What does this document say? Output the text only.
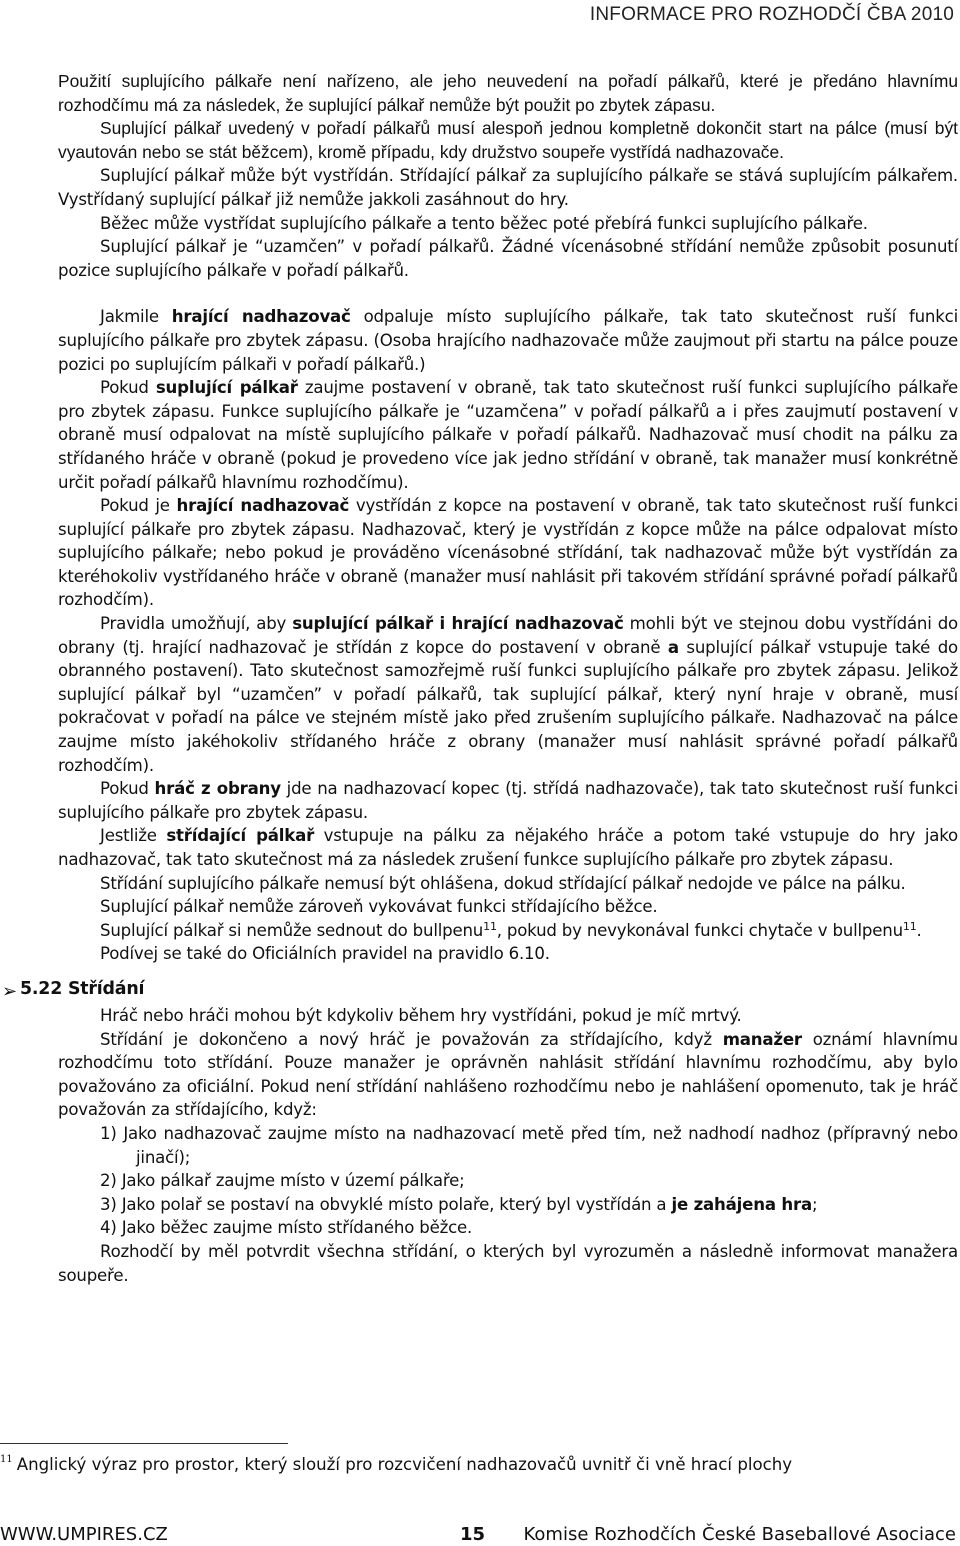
INFORMACE PRO ROZHODČÍ ČBA 2010

Použití suplujícího pálkaře není nařízeno, ale jeho neuvedení na pořadí pálkařů, které je předáno hlavnímu rozhodčímu má za následek, že suplující pálkař nemůže být použit po zbytek zápasu.

Suplující pálkař uvedený v pořadí pálkařů musí alespoň jednou kompletně dokončit start na pálce (musí být vyautován nebo se stát běžcem), kromě případu, kdy družstvo soupeře vystřídá nadhazovače.

Suplující pálkař může být vystřídán. Střídající pálkař za suplujícího pálkaře se stává suplujícím pálkařem. Vystřídaný suplující pálkař již nemůže jakkoli zasáhnout do hry.

Běžec může vystřídat suplujícího pálkaře a tento běžec poté přebírá funkci suplujícího pálkaře.

Suplující pálkař je “uzamčen” v pořadí pálkařů. Žádné vícenásobné střídání nemůže způsobit posunutí pozice suplujícího pálkaře v pořadí pálkařů.

Jakmile hrající nadhazovač odpaluje místo suplujícího pálkaře, tak tato skutečnost ruší funkci suplujícího pálkaře pro zbytek zápasu. (Osoba hrajícího nadhazovače může zaujmout při startu na pálce pouze pozici po suplujícím pálkaři v pořadí pálkařů.)

Pokud suplující pálkař zaujme postavení v obraně, tak tato skutečnost ruší funkci suplujícího pálkaře pro zbytek zápasu. Funkce suplujícího pálkaře je “uzamčena” v pořadí pálkařů a i přes zaujmutí postavení v obraně musí odpalovat na místě suplujícího pálkaře v pořadí pálkařů. Nadhazovač musí chodit na pálku za střídaného hráče v obraně (pokud je provedeno více jak jedno střídání v obraně, tak manažer musí konkrétně určit pořadí pálkařů hlavnímu rozhodčímu).

Pokud je hrající nadhazovač vystřídán z kopce na postavení v obraně, tak tato skutečnost ruší funkci suplující pálkaře pro zbytek zápasu. Nadhazovač, který je vystřídán z kopce může na pálce odpalovat místo suplujícího pálkaře; nebo pokud je prováděno vícenásobné střídání, tak nadhazovač může být vystřídán za kteréhokoliv vystřídaného hráče v obraně (manažer musí nahlásit při takovém střídání správné pořadí pálkařů rozhodčím).

Pravidla umožňují, aby suplující pálkař i hrající nadhazovač mohli být ve stejnou dobu vystřídáni do obrany (tj. hrající nadhazovač je střídán z kopce do postavení v obraně a suplující pálkař vstupuje také do obranného postavení). Tato skutečnost samozřejmě ruší funkci suplujícího pálkaře pro zbytek zápasu. Jelikož suplující pálkař byl “uzamčen” v pořadí pálkařů, tak suplující pálkař, který nyní hraje v obraně, musí pokračovat v pořadí na pálce ve stejném místě jako před zrušením suplujícího pálkaře. Nadhazovač na pálce zaujme místo jakéhokoliv střídaného hráče z obrany (manažer musí nahlásit správné pořadí pálkařů rozhodčím).

Pokud hráč z obrany jde na nadhazovací kopec (tj. střídá nadhazovače), tak tato skutečnost ruší funkci suplujícího pálkaře pro zbytek zápasu.

Jestliže střídající pálkař vstupuje na pálku za nějakého hráče a potom také vstupuje do hry jako nadhazovač, tak tato skutečnost má za následek zrušení funkce suplujícího pálkaře pro zbytek zápasu.

Střídání suplujícího pálkaře nemusí být ohlášena, dokud střídající pálkař nedojde ve pálce na pálku.

Suplující pálkař nemůže zároveň vykovávat funkci střídajícího běžce.

Suplující pálkař si nemůže sednout do bullpenu$^{11}$, pokud by nevykonával funkci chytače v bullpenu$^{11}$.

Podívej se také do Oficiálních pravidel na pravidlo 6.10.

➢ 5.22 Střídání

Hráč nebo hráči mohou být kdykoliv během hry vystřídáni, pokud je míč mrtvý.

Střídání je dokončeno a nový hráč je považován za střídajícího, když manažer oznámí hlavnímu rozhodčímu toto střídání. Pouze manažer je oprávněn nahlásit střídání hlavnímu rozhodčímu, aby bylo považováno za oficiální. Pokud není střídání nahlášeno rozhodčímu nebo je nahlášení opomenuto, tak je hráč považován za střídajícího, když:

1) Jako nadhazovač zaujme místo na nadhazovací metě před tím, než nadhodí nadhoz (přípravný nebo jinačí);

2) Jako pálkař zaujme místo v území pálkaře;

3) Jako polař se postaví na obvyklé místo polaře, který byl vystřídán a je zahájena hra;

4) Jako běžec zaujme místo střídaného běžce.

Rozhodčí by měl potvrdit všechna střídání, o kterých byl vyrozuměn a následně informovat manažera soupeře.

$^{11}$ Anglický výraz pro prostor, který slouží pro rozcvičení nadhazovačů uvnitř či vně hrací plochy
WWW.UMPIRES.CZ	15 Komise Rozhodčích České Baseballové Asociace
